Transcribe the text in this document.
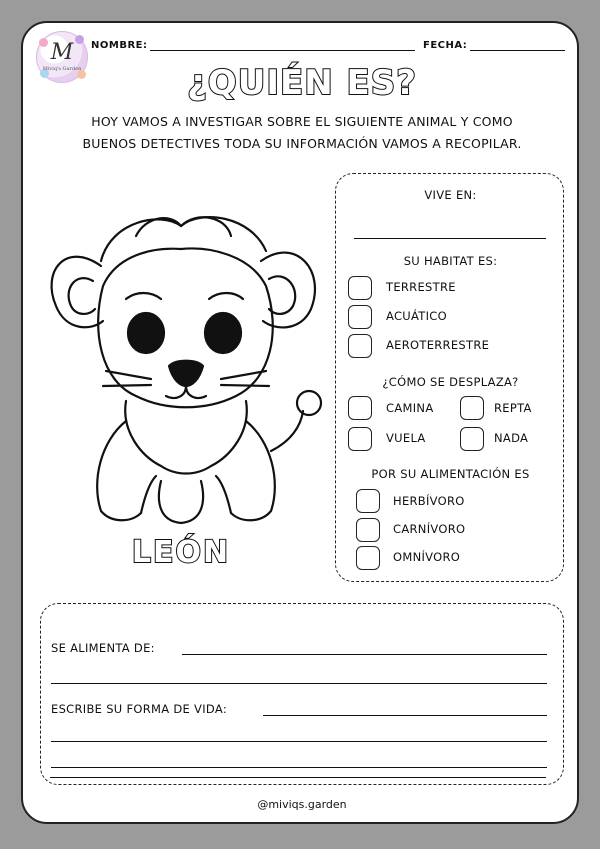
M
Miviq's Garden
NOMBRE:	FECHA:
¿QUIÉN ES?
HOY VAMOS A INVESTIGAR SOBRE EL SIGUIENTE ANIMAL Y COMO
BUENOS DETECTIVES TODA SU INFORMACIÓN VAMOS A RECOPILAR.
LEÓN
VIVE EN:
SU HABITAT ES:
TERRESTRE
ACUÁTICO
AEROTERRESTRE
¿CÓMO SE DESPLAZA?
CAMINA	REPTA
VUELA	NADA
POR SU ALIMENTACIÓN ES
HERBÍVORO
CARNÍVORO
OMNÍVORO
SE ALIMENTA DE:
ESCRIBE SU FORMA DE VIDA:
@miviqs.garden
